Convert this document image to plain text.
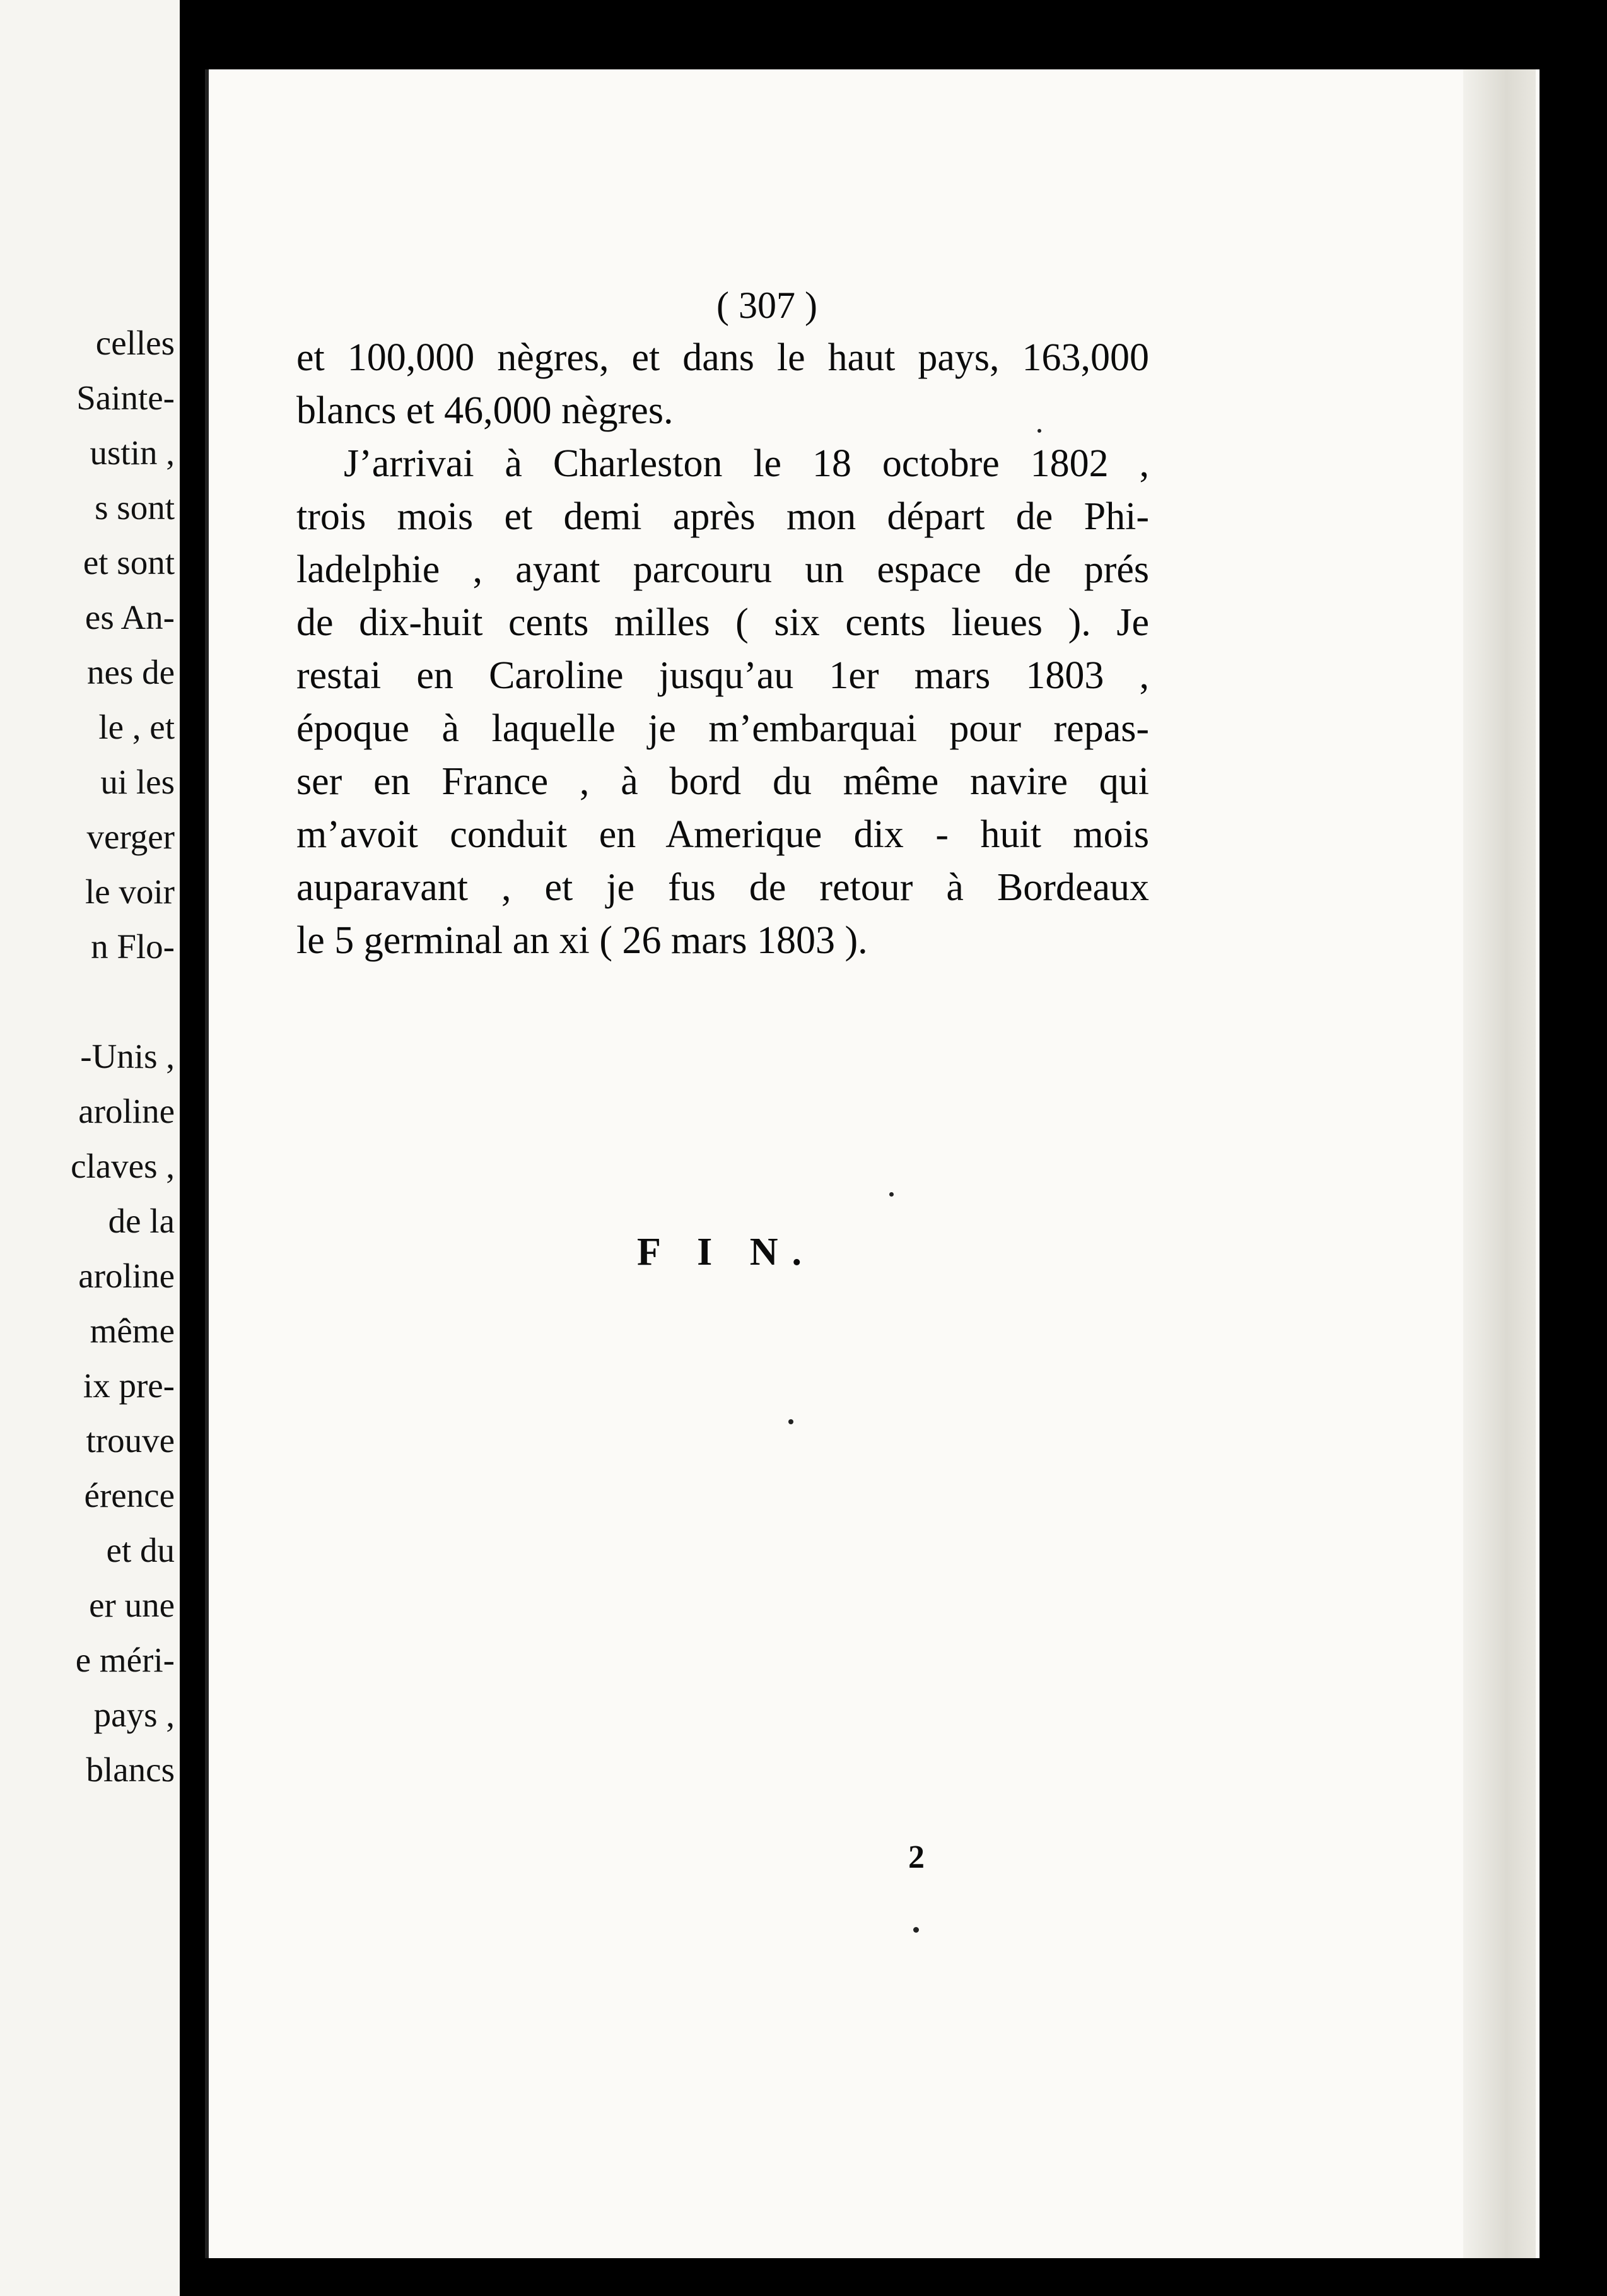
celles
Sainte-
ustin ,
s sont
et sont
es An-
nes de
le , et
ui les
verger
le voir
n Flo-
-Unis ,
aroline
claves ,
de la
aroline
même
ix pre-
trouve
érence
et du
er une
e méri-
pays ,
blancs
( 307 )
et 100,000 nègres, et dans le haut pays, 163,000
blancs et 46,000 nègres.
J’arrivai à Charleston le 18 octobre 1802 ,
trois mois et demi après mon départ de Phi-
ladelphie , ayant parcouru un espace de prés
de dix-huit cents milles ( six cents lieues ). Je
restai en Caroline jusqu’au 1er mars 1803 ,
époque à laquelle je m’embarquai pour repas-
ser en France , à bord du même navire qui
m’avoit conduit en Amerique dix - huit mois
auparavant , et je fus de retour à Bordeaux
le 5 germinal an xi ( 26 mars 1803 ).
F I N.
2
